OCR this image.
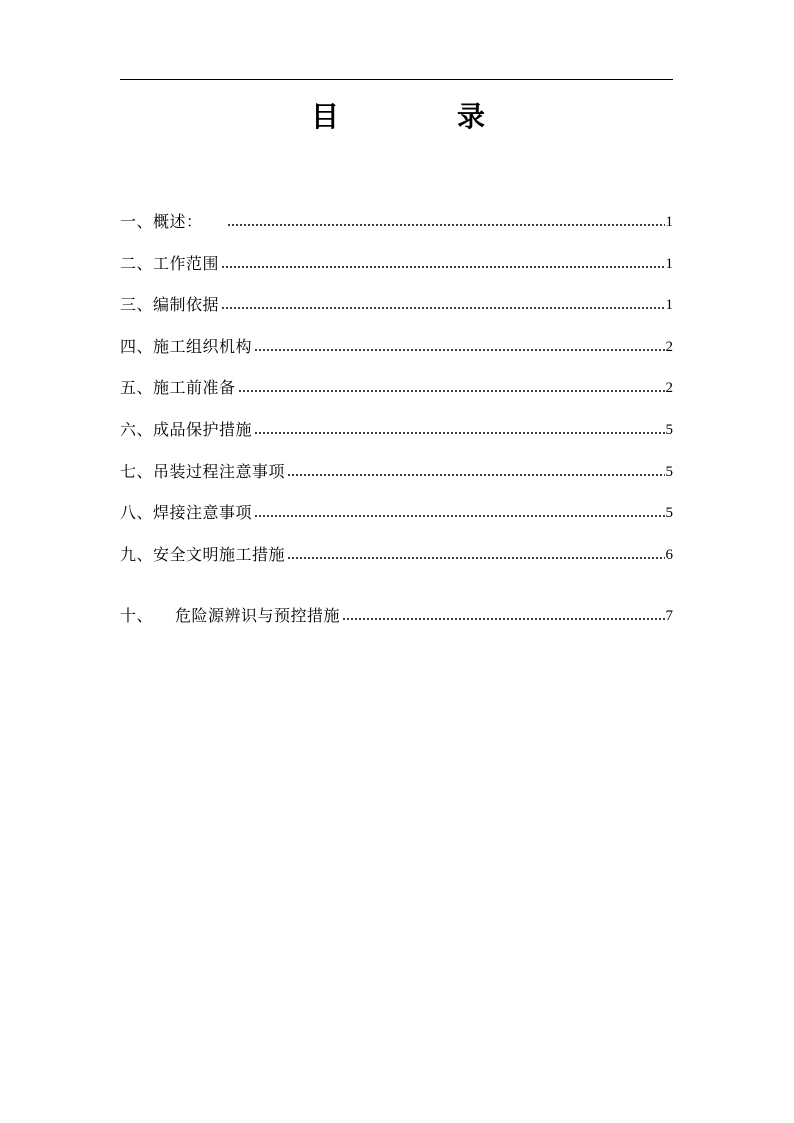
目	录
一、 概述：	1
二、 工作范围	1
三、 编制依据	1
四、 施工组织机构	2
五、 施工前准备	2
六、 成品保护措施	5
七、 吊装过程注意事项	5
八、 焊接注意事项	5
九、 安全文明施工措施	6
十、 危险源辨识与预控措施	7
